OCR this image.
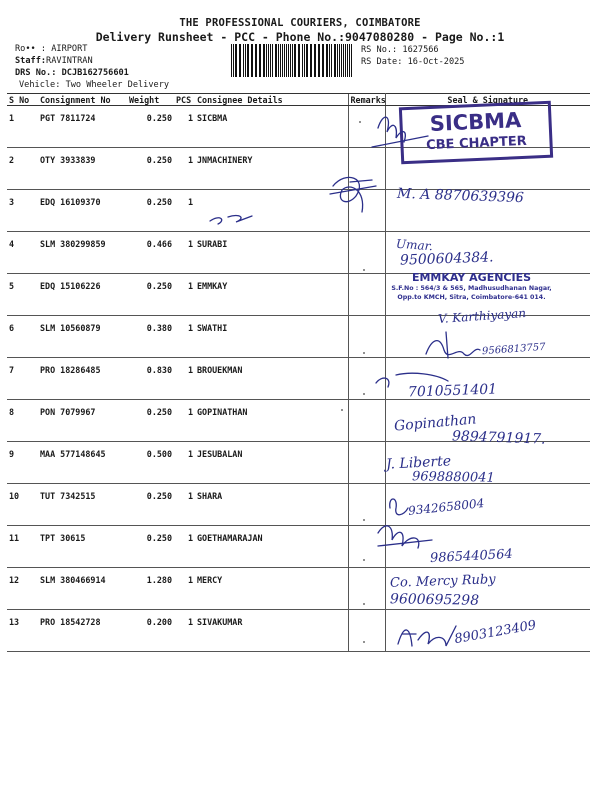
THE PROFESSIONAL COURIERS, COIMBATORE
Delivery Runsheet - PCC - Phone No.:9047080280 - Page No.:1
Ro•• : AIRPORT
Staff:RAVINTRAN
DRS No.: DCJB162756601
Vehicle: Two Wheeler Delivery
RS No.: 1627566
RS Date: 16-Oct-2025
S No	Consignment No	Weight	PCS	Consignee Details	Remarks	Seal & Signature
1	PGT 7811724	0.250	1	SICBMA		
2	OTY 3933839	0.250	1	JNMACHINERY		
3	EDQ 16109370	0.250	1			
4	SLM 380299859	0.466	1	SURABI		
5	EDQ 15106226	0.250	1	EMMKAY		
6	SLM 10560879	0.380	1	SWATHI		
7	PRO 18286485	0.830	1	BROUEKMAN		
8	PON 7079967	0.250	1	GOPINATHAN		
9	MAA 577148645	0.500	1	JESUBALAN		
10	TUT 7342515	0.250	1	SHARA		
11	TPT 30615	0.250	1	GOETHAMARAJAN		
12	SLM 380466914	1.280	1	MERCY		
13	PRO 18542728	0.200	1	SIVAKUMAR		
SICBMA
CBE CHAPTER
EMMKAY AGENCIES
S.F.No : 564/3 & 565, Madhusudhanan Nagar,
Opp.to KMCH, Sitra, Coimbatore-641 014.
M. A 8870639396
Umar.
9500604384.
V. Karthiyayan
9566813757
7010551401
Gopinathan
9894791917.
J. Liberte
9698880041
9342658004
9865440564
Co. Mercy Ruby
9600695298
8903123409
